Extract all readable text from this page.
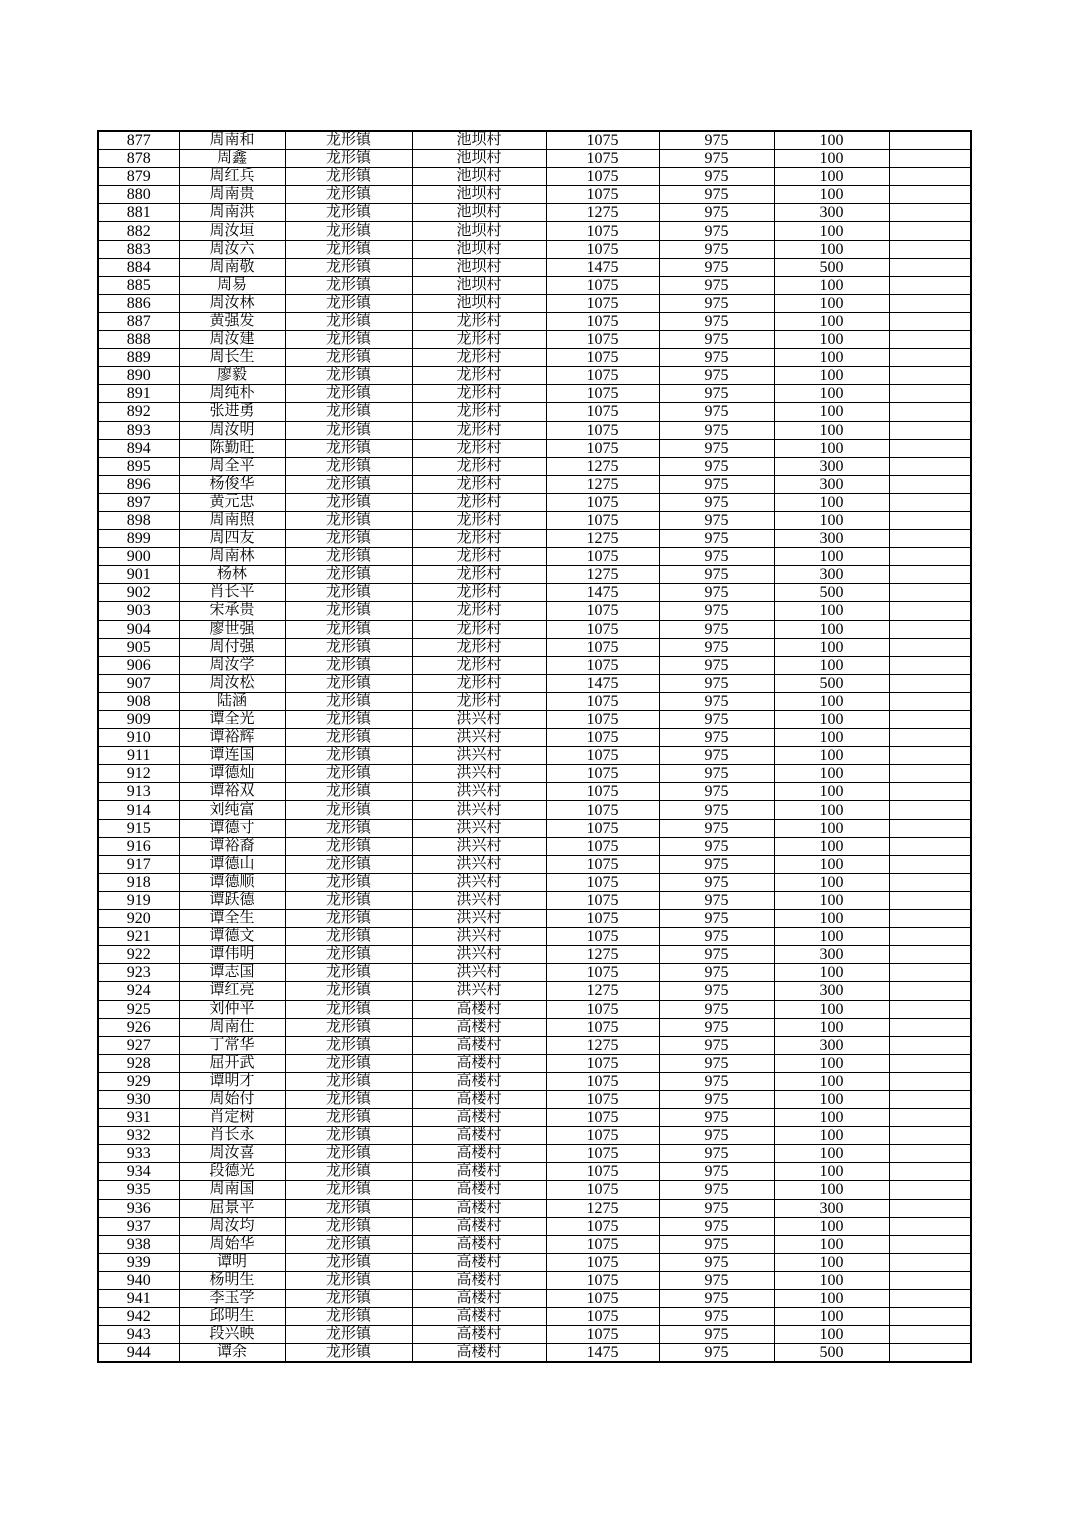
877	周南和	龙形镇	池坝村	1075	975	100	
878	周鑫	龙形镇	池坝村	1075	975	100	
879	周红兵	龙形镇	池坝村	1075	975	100	
880	周南贵	龙形镇	池坝村	1075	975	100	
881	周南洪	龙形镇	池坝村	1275	975	300	
882	周汝垣	龙形镇	池坝村	1075	975	100	
883	周汝六	龙形镇	池坝村	1075	975	100	
884	周南敬	龙形镇	池坝村	1475	975	500	
885	周易	龙形镇	池坝村	1075	975	100	
886	周汝林	龙形镇	池坝村	1075	975	100	
887	黄强发	龙形镇	龙形村	1075	975	100	
888	周汝建	龙形镇	龙形村	1075	975	100	
889	周长生	龙形镇	龙形村	1075	975	100	
890	廖毅	龙形镇	龙形村	1075	975	100	
891	周纯朴	龙形镇	龙形村	1075	975	100	
892	张进勇	龙形镇	龙形村	1075	975	100	
893	周汝明	龙形镇	龙形村	1075	975	100	
894	陈勤旺	龙形镇	龙形村	1075	975	100	
895	周全平	龙形镇	龙形村	1275	975	300	
896	杨俊华	龙形镇	龙形村	1275	975	300	
897	黄元忠	龙形镇	龙形村	1075	975	100	
898	周南照	龙形镇	龙形村	1075	975	100	
899	周四友	龙形镇	龙形村	1275	975	300	
900	周南林	龙形镇	龙形村	1075	975	100	
901	杨林	龙形镇	龙形村	1275	975	300	
902	肖长平	龙形镇	龙形村	1475	975	500	
903	宋承贵	龙形镇	龙形村	1075	975	100	
904	廖世强	龙形镇	龙形村	1075	975	100	
905	周付强	龙形镇	龙形村	1075	975	100	
906	周汝学	龙形镇	龙形村	1075	975	100	
907	周汝松	龙形镇	龙形村	1475	975	500	
908	陆涵	龙形镇	龙形村	1075	975	100	
909	谭全光	龙形镇	洪兴村	1075	975	100	
910	谭裕辉	龙形镇	洪兴村	1075	975	100	
911	谭连国	龙形镇	洪兴村	1075	975	100	
912	谭德灿	龙形镇	洪兴村	1075	975	100	
913	谭裕双	龙形镇	洪兴村	1075	975	100	
914	刘纯富	龙形镇	洪兴村	1075	975	100	
915	谭德寸	龙形镇	洪兴村	1075	975	100	
916	谭裕裔	龙形镇	洪兴村	1075	975	100	
917	谭德山	龙形镇	洪兴村	1075	975	100	
918	谭德顺	龙形镇	洪兴村	1075	975	100	
919	谭跃德	龙形镇	洪兴村	1075	975	100	
920	谭全生	龙形镇	洪兴村	1075	975	100	
921	谭德文	龙形镇	洪兴村	1075	975	100	
922	谭伟明	龙形镇	洪兴村	1275	975	300	
923	谭志国	龙形镇	洪兴村	1075	975	100	
924	谭红亮	龙形镇	洪兴村	1275	975	300	
925	刘仲平	龙形镇	高楼村	1075	975	100	
926	周南仕	龙形镇	高楼村	1075	975	100	
927	丁常华	龙形镇	高楼村	1275	975	300	
928	屈开武	龙形镇	高楼村	1075	975	100	
929	谭明才	龙形镇	高楼村	1075	975	100	
930	周始付	龙形镇	高楼村	1075	975	100	
931	肖定树	龙形镇	高楼村	1075	975	100	
932	肖长永	龙形镇	高楼村	1075	975	100	
933	周汝喜	龙形镇	高楼村	1075	975	100	
934	段德光	龙形镇	高楼村	1075	975	100	
935	周南国	龙形镇	高楼村	1075	975	100	
936	屈景平	龙形镇	高楼村	1275	975	300	
937	周汝均	龙形镇	高楼村	1075	975	100	
938	周始华	龙形镇	高楼村	1075	975	100	
939	谭明	龙形镇	高楼村	1075	975	100	
940	杨明生	龙形镇	高楼村	1075	975	100	
941	李玉学	龙形镇	高楼村	1075	975	100	
942	邱明生	龙形镇	高楼村	1075	975	100	
943	段兴映	龙形镇	高楼村	1075	975	100	
944	谭余	龙形镇	高楼村	1475	975	500	
